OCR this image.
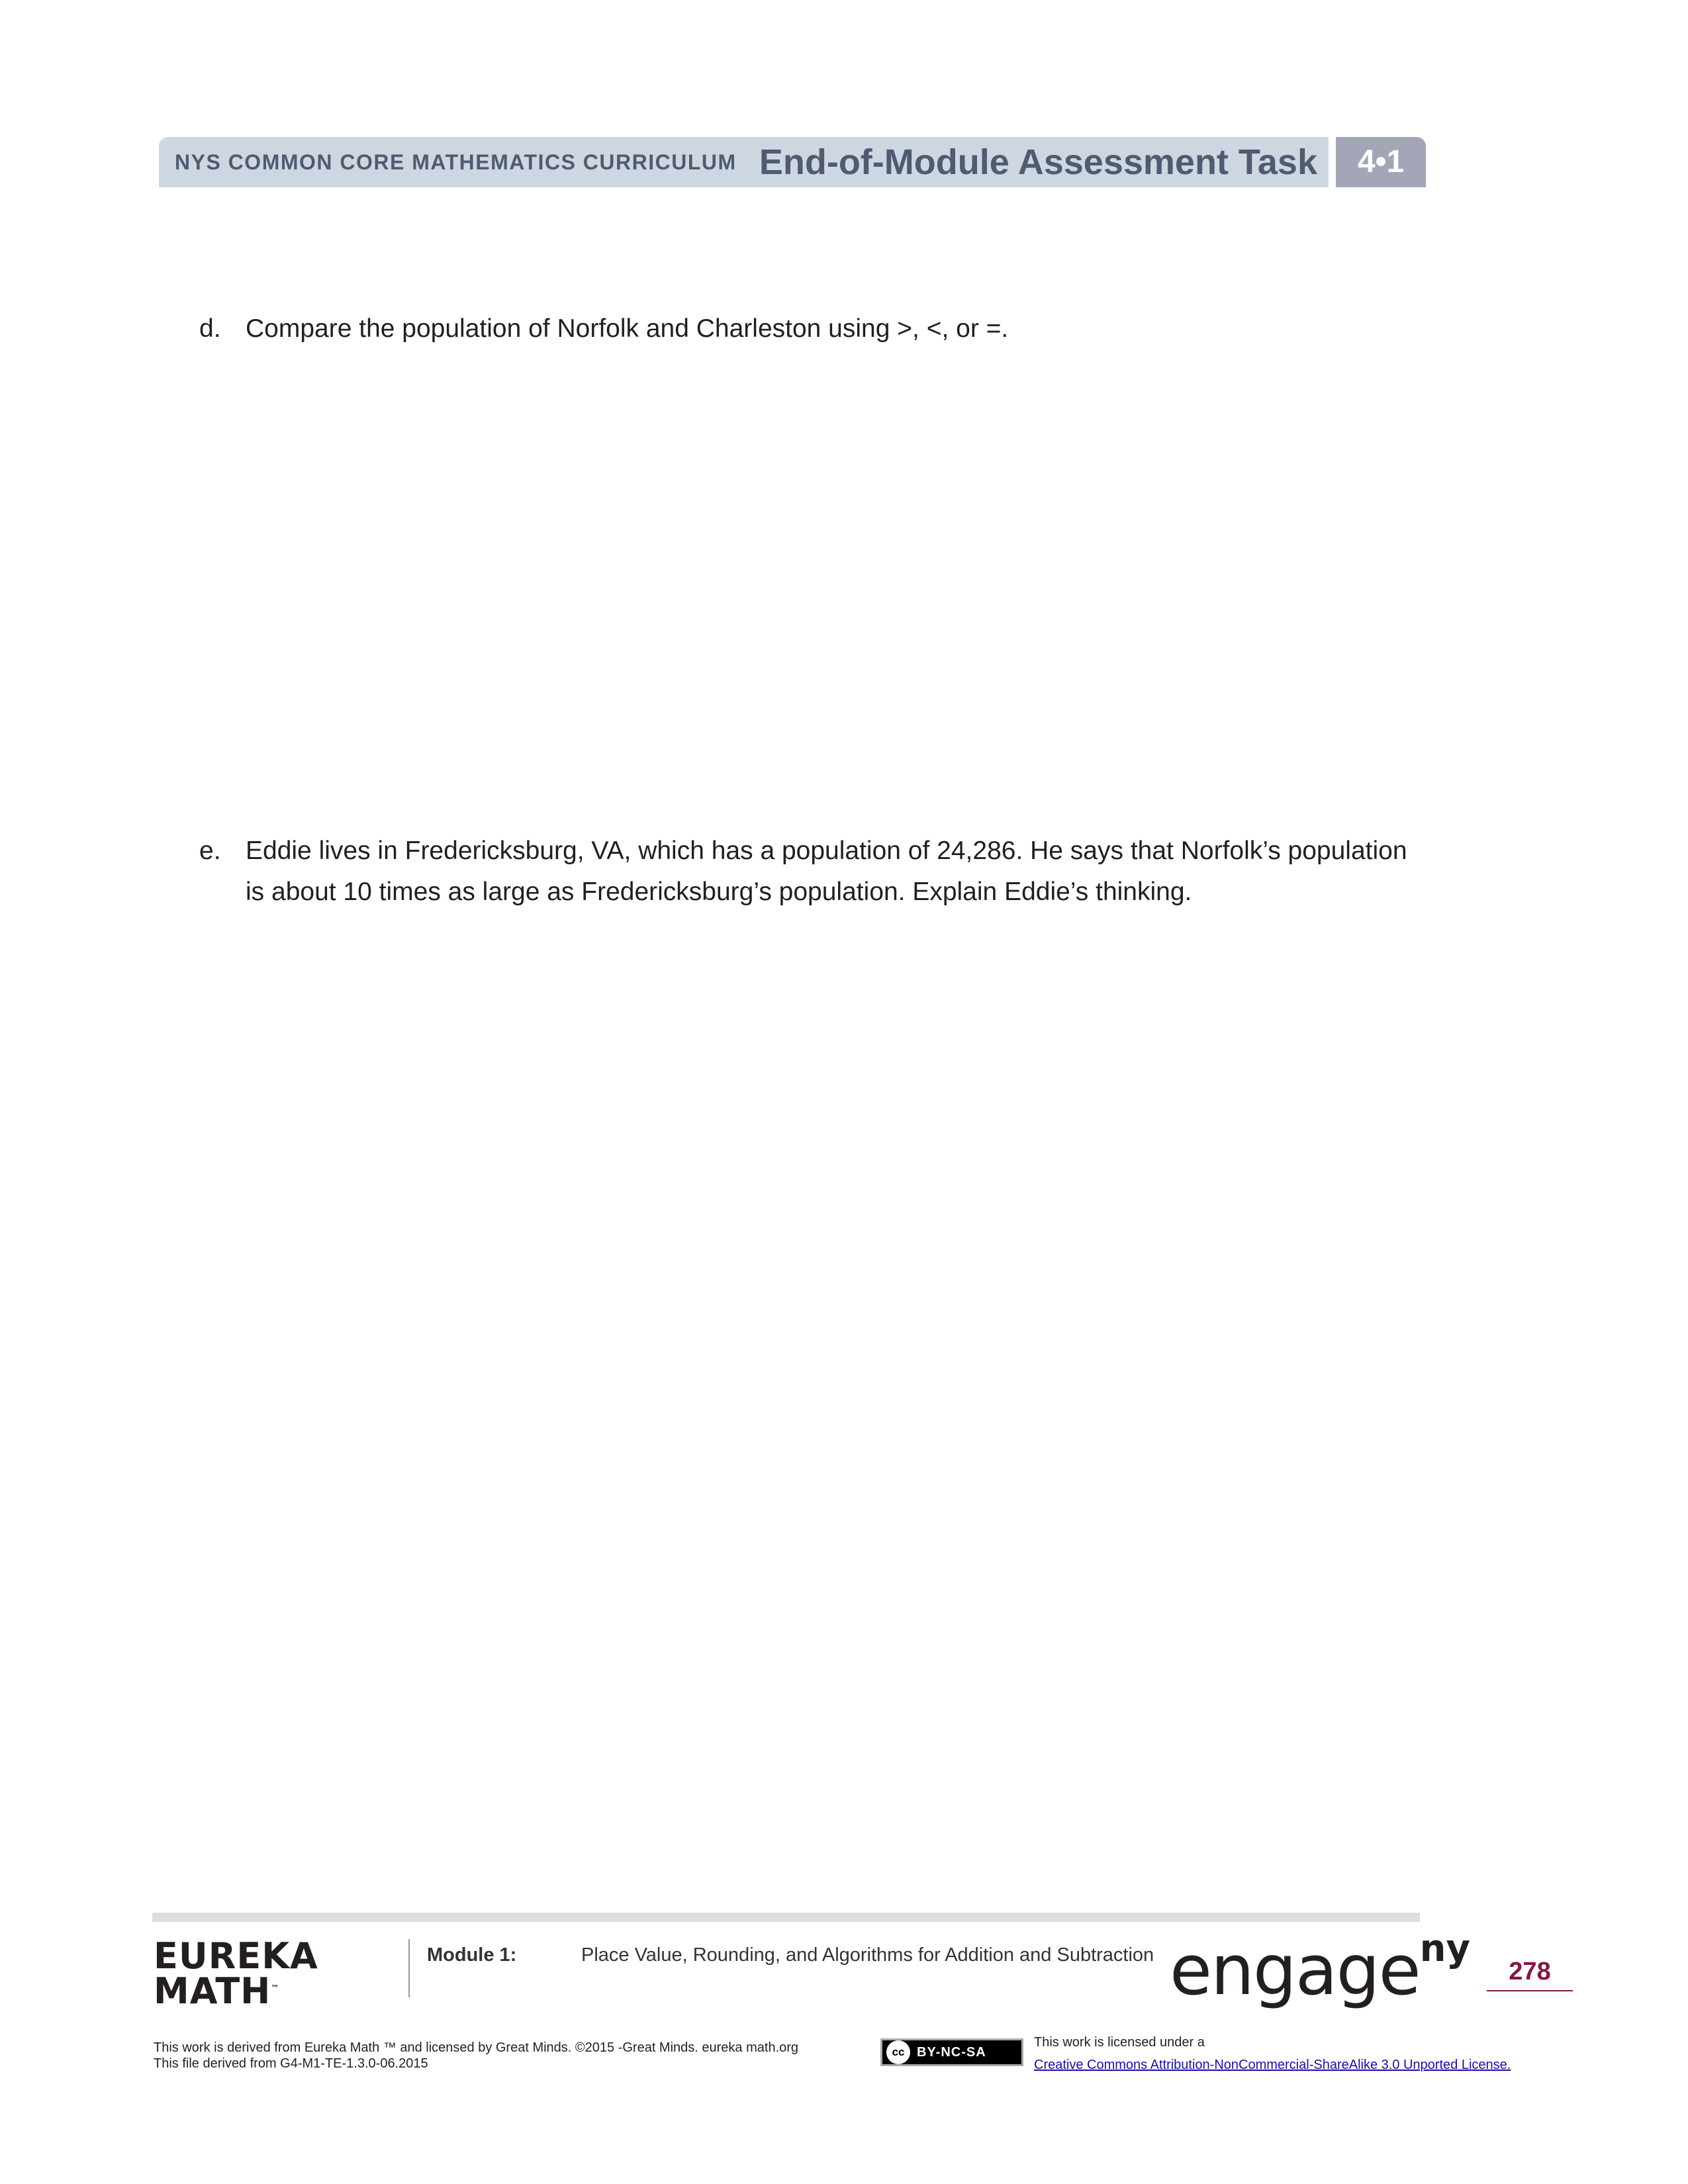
NYS COMMON CORE MATHEMATICS CURRICULUM End-of-Module Assessment Task	4•1
d. Compare the population of Norfolk and Charleston using >, <, or =.
e. Eddie lives in Fredericksburg, VA, which has a population of 24,286. He says that Norfolk’s population
is about 10 times as large as Fredericksburg’s population. Explain Eddie’s thinking.
EUREKA
MATH™
Module 1:	Place Value, Rounding, and Algorithms for Addition and Subtraction engage$^{ny}$
278
This work is derived from Eureka Math ™ and licensed by Great Minds. ©2015 -Great Minds. eureka math.org
This file derived from G4-M1-TE-1.3.0-06.2015
cc BY-NC-SA
This work is licensed under a
Creative Commons Attribution-NonCommercial-ShareAlike 3.0 Unported License.
